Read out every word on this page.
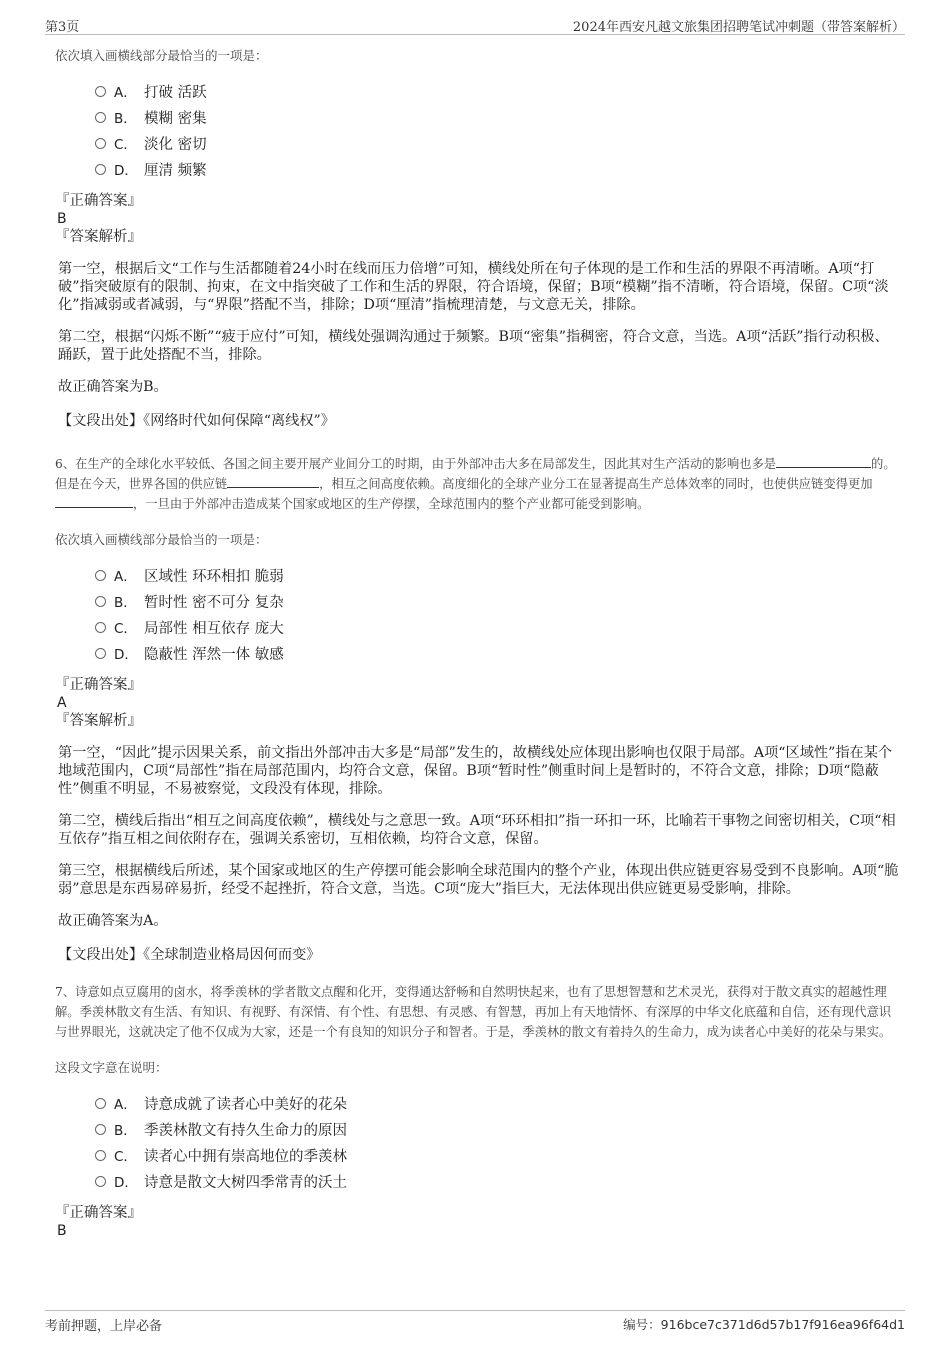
第3页	2024年西安凡越文旅集团招聘笔试冲刺题（带答案解析）

依次填入画横线部分最恰当的一项是：

A． 打破 活跃
B． 模糊 密集
C． 淡化 密切
D． 厘清 频繁

『正确答案』

B

『答案解析』

第一空，根据后文“工作与生活都随着24小时在线而压力倍增”可知，横线处所在句子体现的是工作和生活的界限不再清晰。A项“打破”指突破原有的限制、拘束，在文中指突破了工作和生活的界限，符合语境，保留；B项“模糊”指不清晰，符合语境，保留。C项“淡化”指减弱或者减弱，与“界限”搭配不当，排除；D项“厘清”指梳理清楚，与文意无关，排除。

第二空，根据“闪烁不断”“疲于应付”可知，横线处强调沟通过于频繁。B项“密集”指稠密，符合文意，当选。A项“活跃”指行动积极、踊跃，置于此处搭配不当，排除。

故正确答案为B。

【文段出处】《网络时代如何保障“离线权”》

6、在生产的全球化水平较低、各国之间主要开展产业间分工的时期，由于外部冲击大多在局部发生，因此其对生产活动的影响也多是	的。但是在今天，世界各国的供应链	，相互之间高度依赖。高度细化的全球产业分工在显著提高生产总体效率的同时，也使供应链变得更加，一旦由于外部冲击造成某个国家或地区的生产停摆，全球范围内的整个产业都可能受到影响。

依次填入画横线部分最恰当的一项是：

A． 区域性 环环相扣 脆弱
B． 暂时性 密不可分 复杂
C． 局部性 相互依存 庞大
D． 隐蔽性 浑然一体 敏感

『正确答案』

A

『答案解析』

第一空，“因此”提示因果关系，前文指出外部冲击大多是“局部”发生的，故横线处应体现出影响也仅限于局部。A项“区域性”指在某个地域范围内，C项“局部性”指在局部范围内，均符合文意，保留。B项“暂时性”侧重时间上是暂时的，不符合文意，排除；D项“隐蔽性”侧重不明显，不易被察觉，文段没有体现，排除。

第二空，横线后指出“相互之间高度依赖”，横线处与之意思一致。A项“环环相扣”指一环扣一环，比喻若干事物之间密切相关，C项“相互依存”指互相之间依附存在，强调关系密切，互相依赖，均符合文意，保留。

第三空，根据横线后所述，某个国家或地区的生产停摆可能会影响全球范围内的整个产业，体现出供应链更容易受到不良影响。A项“脆弱”意思是东西易碎易折，经受不起挫折，符合文意，当选。C项“庞大”指巨大，无法体现出供应链更易受影响，排除。

故正确答案为A。

【文段出处】《全球制造业格局因何而变》

7、诗意如点豆腐用的卤水，将季羡林的学者散文点醒和化开，变得通达舒畅和自然明快起来，也有了思想智慧和艺术灵光，获得对于散文真实的超越性理解。季羡林散文有生活、有知识、有视野、有深情、有个性、有思想、有灵感、有智慧，再加上有天地情怀、有深厚的中华文化底蕴和自信，还有现代意识与世界眼光，这就决定了他不仅成为大家，还是一个有良知的知识分子和智者。于是，季羡林的散文有着持久的生命力，成为读者心中美好的花朵与果实。

这段文字意在说明：

A． 诗意成就了读者心中美好的花朵
B． 季羡林散文有持久生命力的原因
C． 读者心中拥有崇高地位的季羡林
D． 诗意是散文大树四季常青的沃土

『正确答案』

B

考前押题，上岸必备	编号：916bce7c371d6d57b17f916ea96f64d1
